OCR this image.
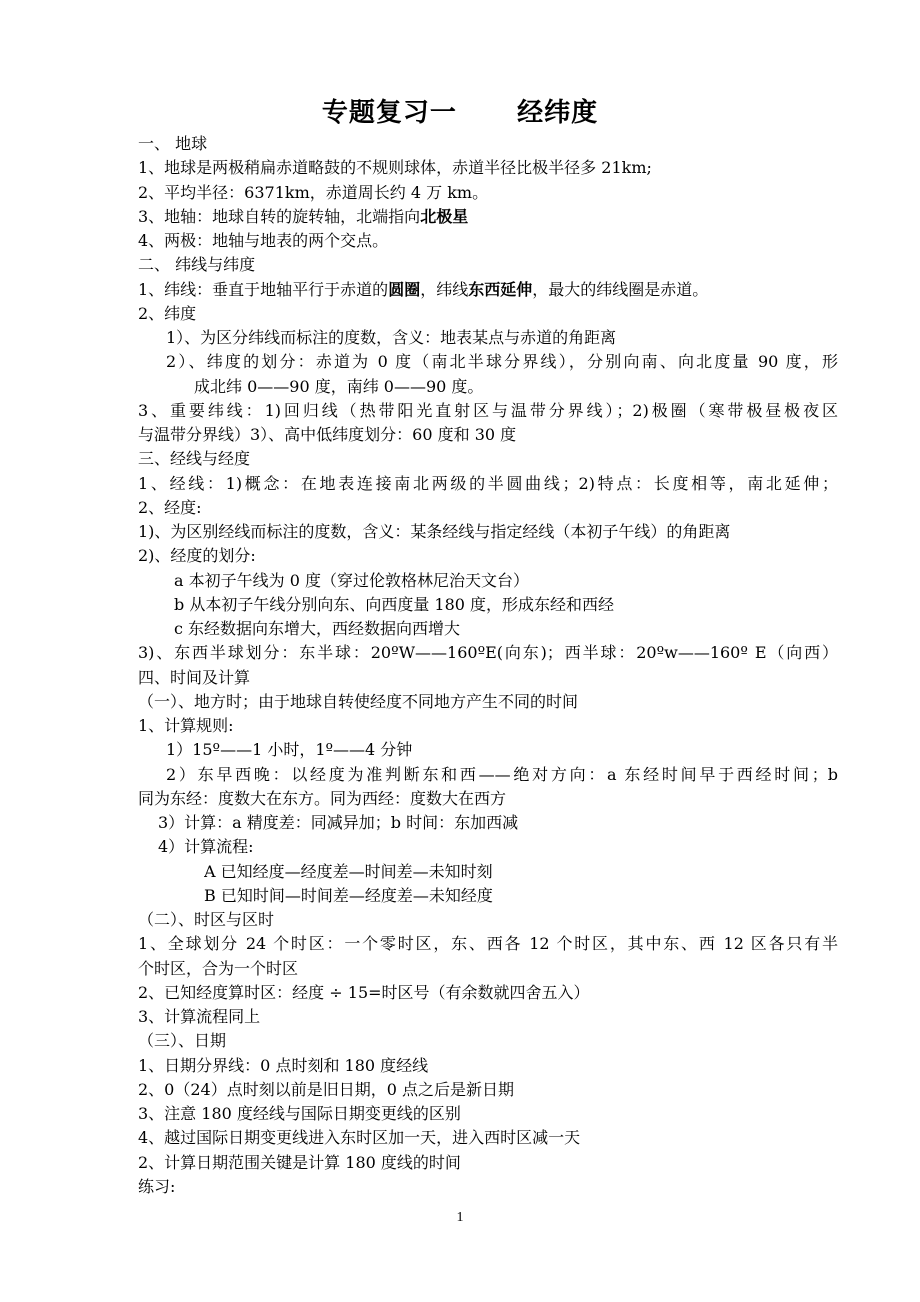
专题复习一      经纬度
一、 地球
1、地球是两极稍扁赤道略鼓的不规则球体，赤道半径比极半径多 21km;
2、平均半径：6371km，赤道周长约 4 万 km。
3、地轴：地球自转的旋转轴，北端指向北极星
4、两极：地轴与地表的两个交点。
二、 纬线与纬度
1、纬线：垂直于地轴平行于赤道的圆圈，纬线东西延伸，最大的纬线圈是赤道。
2、纬度
1）、为区分纬线而标注的度数，含义：地表某点与赤道的角距离
2）、纬度的划分：赤道为 0 度（南北半球分界线），分别向南、向北度量 90 度，形
成北纬 0——90 度，南纬 0——90 度。
3、重要纬线：1)回归线（热带阳光直射区与温带分界线）；2)极圈（寒带极昼极夜区
与温带分界线）3）、高中低纬度划分：60 度和 30 度
三、经线与经度
1、经线：1)概念：在地表连接南北两级的半圆曲线；2)特点：长度相等，南北延伸；
2、经度:
1)、为区别经线而标注的度数，含义：某条经线与指定经线（本初子午线）的角距离
2)、经度的划分:
a 本初子午线为 0 度（穿过伦敦格林尼治天文台）
b 从本初子午线分别向东、向西度量 180 度，形成东经和西经
c 东经数据向东增大，西经数据向西增大
3)、东西半球划分：东半球：20ºW——160ºE(向东)；西半球：20ºw——160º E（向西）
四、时间及计算
（一）、地方时；由于地球自转使经度不同地方产生不同的时间
1、计算规则:
1）15º——1 小时，1º——4 分钟
2）东早西晚：以经度为准判断东和西——绝对方向：a 东经时间早于西经时间；b
同为东经：度数大在东方。同为西经：度数大在西方
3）计算：a 精度差：同减异加；b 时间：东加西减
4）计算流程:
A 已知经度—经度差—时间差—未知时刻
B 已知时间—时间差—经度差—未知经度
（二）、时区与区时
1、全球划分 24 个时区：一个零时区，东、西各 12 个时区，其中东、西 12 区各只有半
个时区，合为一个时区
2、已知经度算时区：经度 ÷ 15=时区号（有余数就四舍五入）
3、计算流程同上
（三）、日期
1、日期分界线：0 点时刻和 180 度经线
2、0（24）点时刻以前是旧日期，0 点之后是新日期
3、注意 180 度经线与国际日期变更线的区别
4、越过国际日期变更线进入东时区加一天，进入西时区减一天
2、计算日期范围关键是计算 180 度线的时间
练习:
1
